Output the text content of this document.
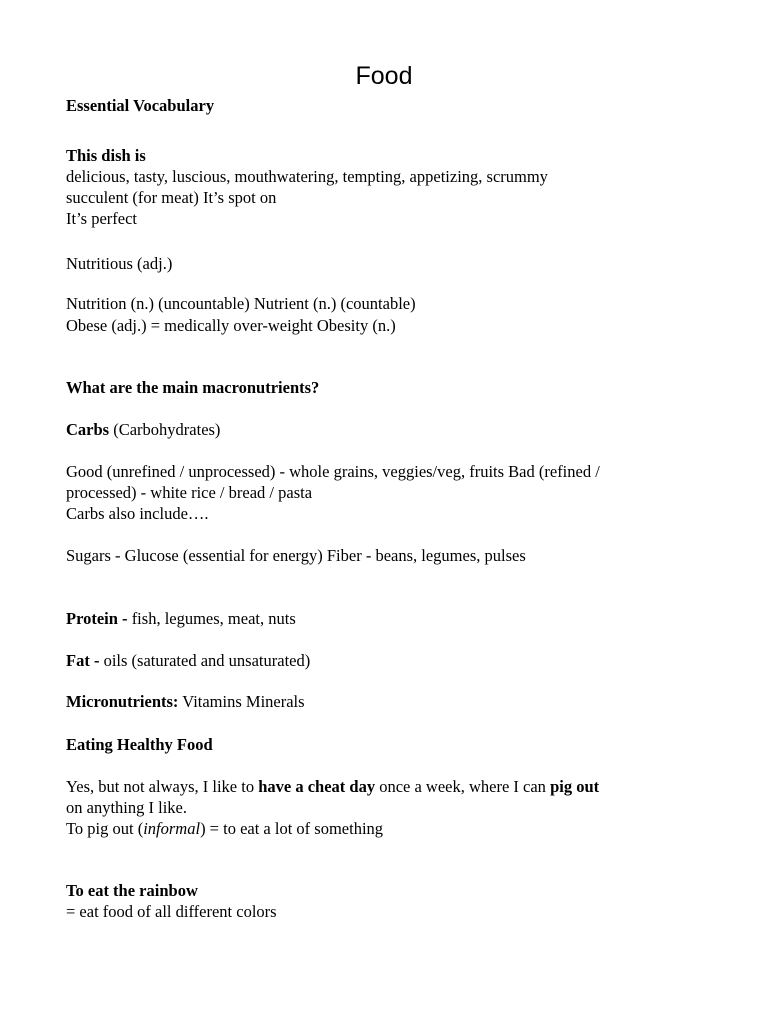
Food

Essential Vocabulary

This dish is

delicious, tasty, luscious, mouthwatering, tempting, appetizing, scrummy

succulent (for meat) It’s spot on

It’s perfect

Nutritious (adj.)

Nutrition (n.) (uncountable) Nutrient (n.) (countable)

Obese (adj.) = medically over-weight Obesity (n.)

What are the main macronutrients?

Carbs (Carbohydrates)

Good (unrefined / unprocessed) - whole grains, veggies/veg, fruits Bad (refined /

processed) - white rice / bread / pasta

Carbs also include….

Sugars - Glucose (essential for energy) Fiber - beans, legumes, pulses

Protein - fish, legumes, meat, nuts

Fat - oils (saturated and unsaturated)

Micronutrients: Vitamins Minerals

Eating Healthy Food

Yes, but not always, I like to have a cheat day once a week, where I can pig out

on anything I like.

To pig out (informal) = to eat a lot of something

To eat the rainbow

= eat food of all different colors
